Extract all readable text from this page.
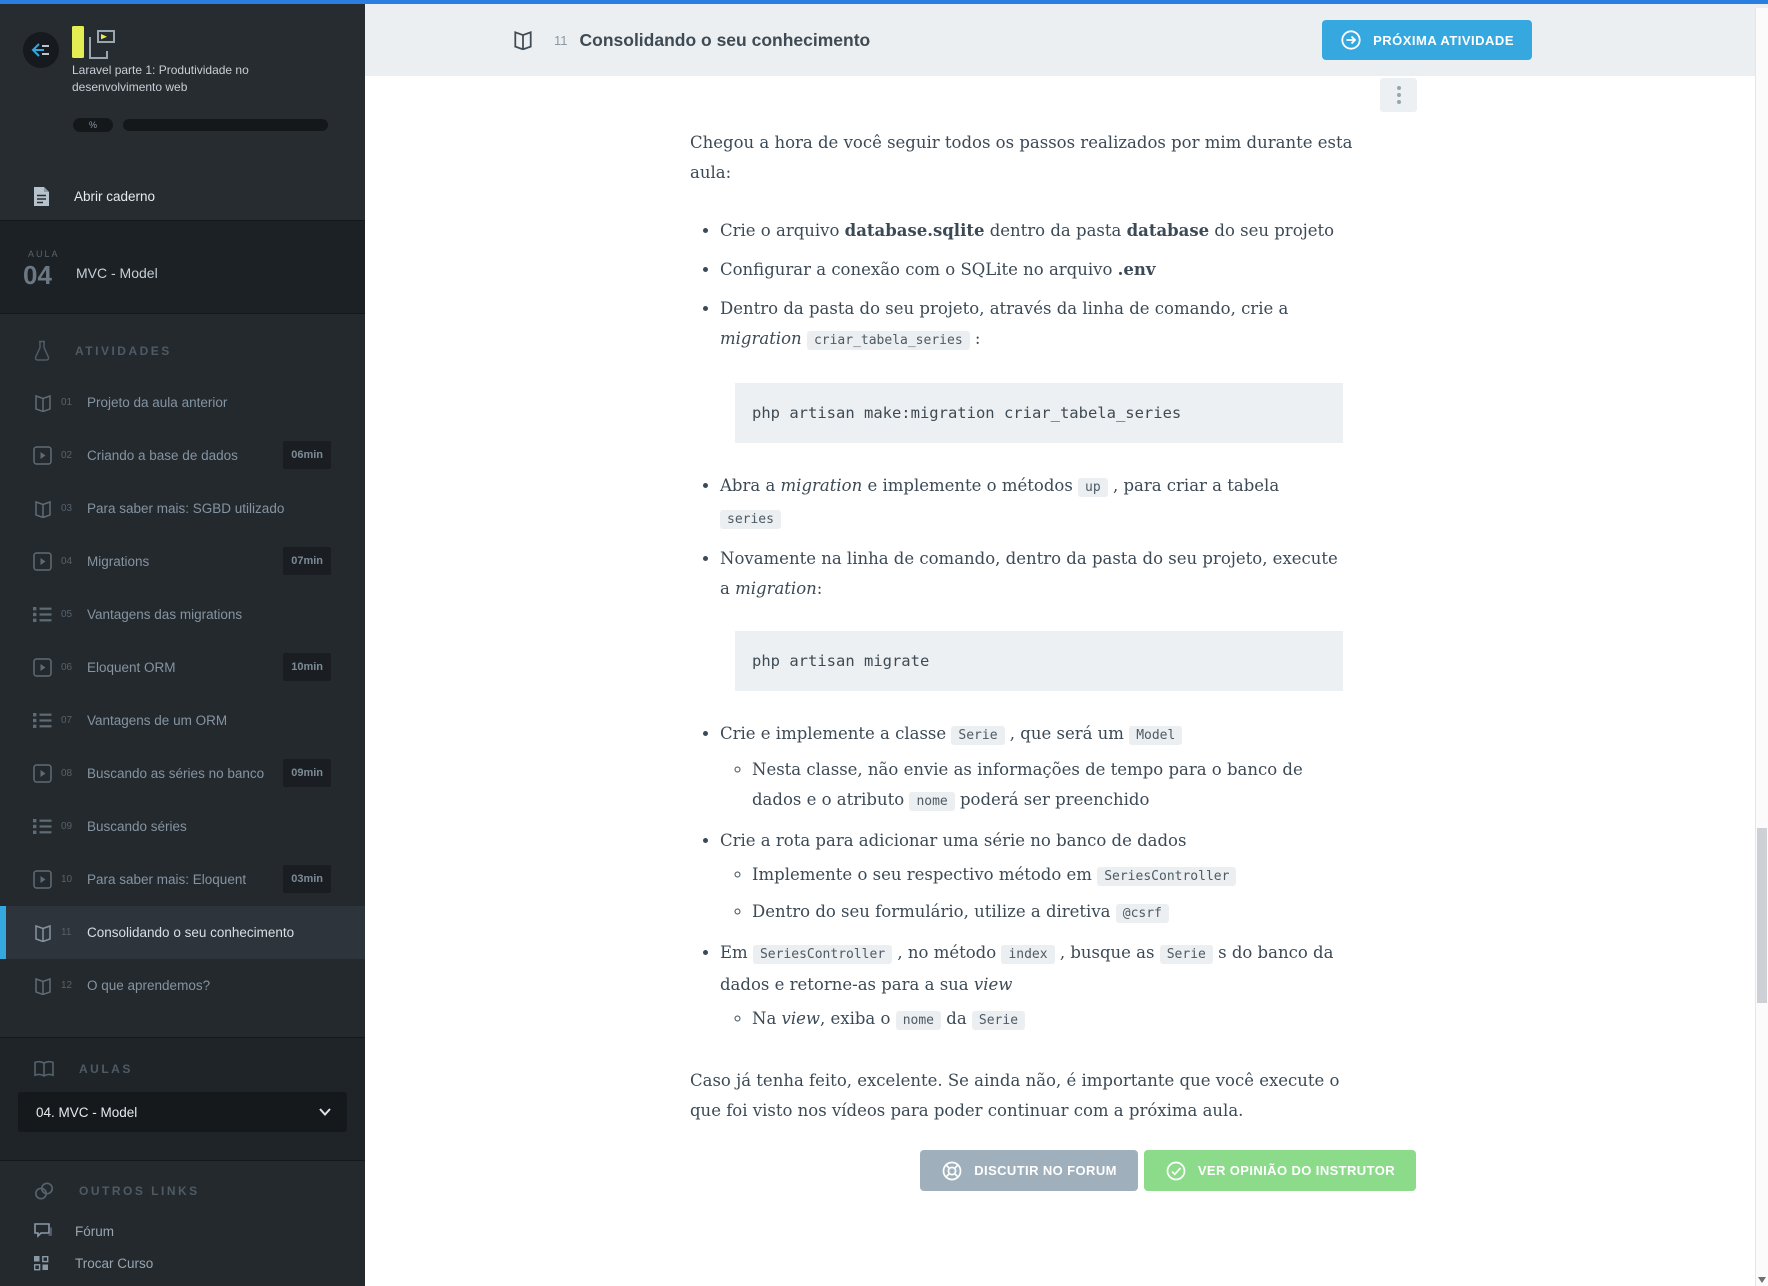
Laravel parte 1: Produtividade no desenvolvimento web
%
Abrir caderno
AULA
04 MVC - Model
ATIVIDADES
01	Projeto da aula anterior
02	Criando a base de dados	06min
03	Para saber mais: SGBD utilizado
04	Migrations	07min
05	Vantagens das migrations
06	Eloquent ORM	10min
07	Vantagens de um ORM
08	Buscando as séries no banco	09min
09	Buscando séries
10	Para saber mais: Eloquent	03min
11	Consolidando o seu conhecimento
12	O que aprendemos?
AULAS
04. MVC - Model
OUTROS LINKS
Fórum
Trocar Curso
11 Consolidando o seu conhecimento	PRÓXIMA ATIVIDADE

Chegou a hora de você seguir todos os passos realizados por mim durante esta aula:

• Crie o arquivo database.sqlite dentro da pasta database do seu projeto
• Configurar a conexão com o SQLite no arquivo .env
• Dentro da pasta do seu projeto, através da linha de comando, crie a migration criar_tabela_series :
php artisan make:migration criar_tabela_series
• Abra a migration e implemente o métodos up , para criar a tabela series
• Novamente na linha de comando, dentro da pasta do seu projeto, execute a migration:
php artisan migrate
• Crie e implemente a classe Serie , que será um Model
◦ Nesta classe, não envie as informações de tempo para o banco de dados e o atributo nome poderá ser preenchido
• Crie a rota para adicionar uma série no banco de dados
◦ Implemente o seu respectivo método em SeriesController
◦ Dentro do seu formulário, utilize a diretiva @csrf
• Em SeriesController , no método index , busque as Serie s do banco da dados e retorne-as para a sua view
◦ Na view, exiba o nome da Serie

Caso já tenha feito, excelente. Se ainda não, é importante que você execute o que foi visto nos vídeos para poder continuar com a próxima aula.

DISCUTIR NO FORUM	VER OPINIÃO DO INSTRUTOR
